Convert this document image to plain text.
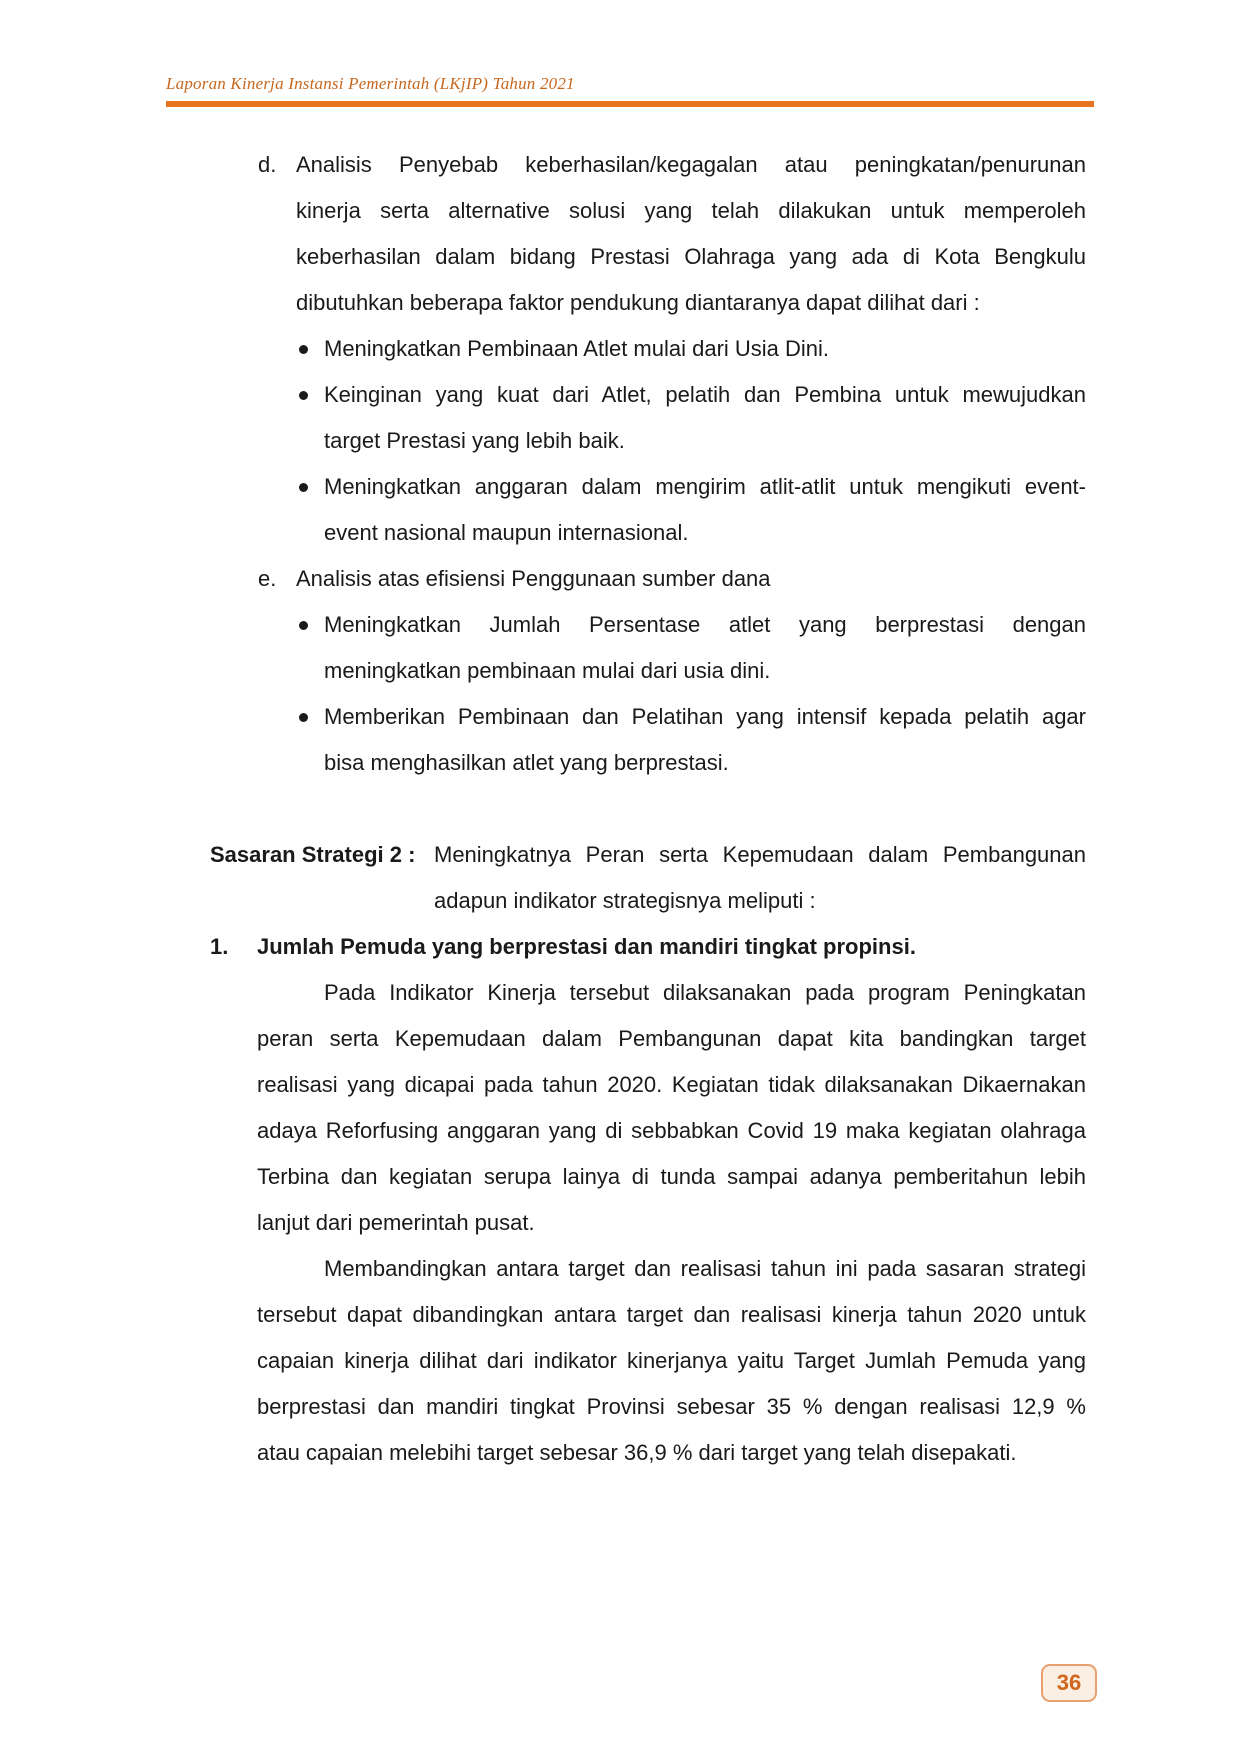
Laporan Kinerja Instansi Pemerintah (LKjIP) Tahun 2021
d. Analisis Penyebab keberhasilan/kegagalan atau peningkatan/penurunan
kinerja serta alternative solusi yang telah dilakukan untuk memperoleh
keberhasilan dalam bidang Prestasi Olahraga yang ada di Kota Bengkulu
dibutuhkan beberapa faktor pendukung diantaranya dapat dilihat dari :
Meningkatkan Pembinaan Atlet mulai dari Usia Dini.
Keinginan yang kuat dari Atlet, pelatih dan Pembina untuk mewujudkan
target Prestasi yang lebih baik.
Meningkatkan anggaran dalam mengirim atlit-atlit untuk mengikuti event-
event nasional maupun internasional.
e. Analisis atas efisiensi Penggunaan sumber dana
Meningkatkan Jumlah Persentase atlet yang berprestasi dengan
meningkatkan pembinaan mulai dari usia dini.
Memberikan Pembinaan dan Pelatihan yang intensif kepada pelatih agar
bisa menghasilkan atlet yang berprestasi.
Sasaran Strategi 2 : Meningkatnya Peran serta Kepemudaan dalam Pembangunan
adapun indikator strategisnya meliputi :
1. Jumlah Pemuda yang berprestasi dan mandiri tingkat propinsi.
Pada Indikator Kinerja tersebut dilaksanakan pada program Peningkatan
peran serta Kepemudaan dalam Pembangunan dapat kita bandingkan target
realisasi yang dicapai pada tahun 2020. Kegiatan tidak dilaksanakan Dikaernakan
adaya Reforfusing anggaran yang di sebbabkan Covid 19 maka kegiatan olahraga
Terbina dan kegiatan serupa lainya di tunda sampai adanya pemberitahun lebih
lanjut dari pemerintah pusat.
Membandingkan antara target dan realisasi tahun ini pada sasaran strategi
tersebut dapat dibandingkan antara target dan realisasi kinerja tahun 2020 untuk
capaian kinerja dilihat dari indikator kinerjanya yaitu Target Jumlah Pemuda yang
berprestasi dan mandiri tingkat Provinsi sebesar 35 % dengan realisasi 12,9 %
atau capaian melebihi target sebesar 36,9 % dari target yang telah disepakati.
36
